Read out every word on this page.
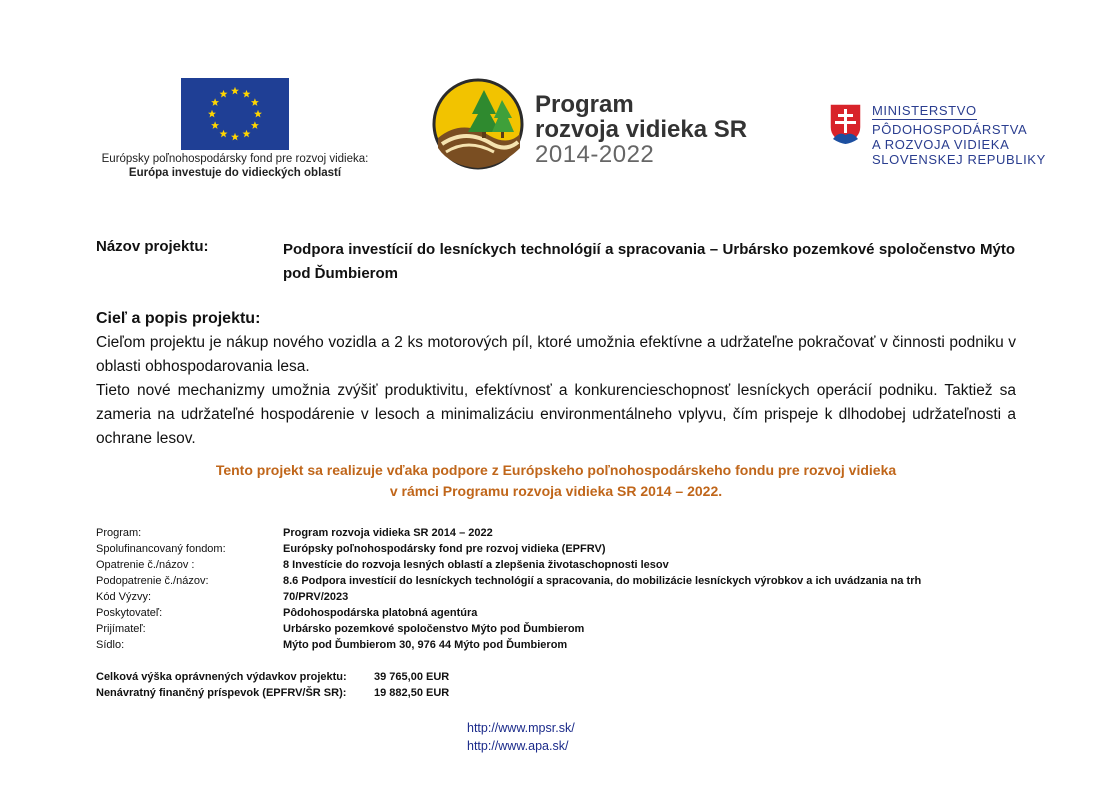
Európsky poľnohospodársky fond pre rozvoj vidieka:
Európa investuje do vidieckých oblastí
Program
rozvoja vidieka SR
2014-2022
MINISTERSTVO
PÔDOHOSPODÁRSTVA
A ROZVOJA VIDIEKA
SLOVENSKEJ REPUBLIKY
Názov projektu:	Podpora investícií do lesníckych technológií a spracovania – Urbársko pozemkové spoločenstvo Mýto pod Ďumbierom
Cieľ a popis projektu:

Cieľom projektu je nákup nového vozidla a 2 ks motorových píl, ktoré umožnia efektívne a udržateľne pokračovať v činnosti podniku v oblasti obhospodarovania lesa.

Tieto nové mechanizmy umožnia zvýšiť produktivitu, efektívnosť a konkurencieschopnosť lesníckych operácií podniku. Taktiež sa zameria na udržateľné hospodárenie v lesoch a minimalizáciu environmentálneho vplyvu, čím prispeje k dlhodobej udržateľnosti a ochrane lesov.

Tento projekt sa realizuje vďaka podpore z Európskeho poľnohospodárskeho fondu pre rozvoj vidieka
v rámci Programu rozvoja vidieka SR 2014 – 2022.
Program:	Program rozvoja vidieka SR 2014 – 2022
Spolufinancovaný fondom:	Európsky poľnohospodársky fond pre rozvoj vidieka (EPFRV)
Opatrenie č./názov :	8 Investície do rozvoja lesných oblastí a zlepšenia životaschopnosti lesov
Podopatrenie č./názov:	8.6 Podpora investícií do lesníckych technológií a spracovania, do mobilizácie lesníckych výrobkov a ich uvádzania na trh
Kód Výzvy:	70/PRV/2023
Poskytovateľ:	Pôdohospodárska platobná agentúra
Prijímateľ:	Urbársko pozemkové spoločenstvo Mýto pod Ďumbierom
Sídlo:	Mýto pod Ďumbierom 30, 976 44 Mýto pod Ďumbierom
Celková výška oprávnených výdavkov projektu:	39 765,00 EUR
Nenávratný finančný príspevok (EPFRV/ŠR SR):	19 882,50 EUR
http://www.mpsr.sk/
http://www.apa.sk/
